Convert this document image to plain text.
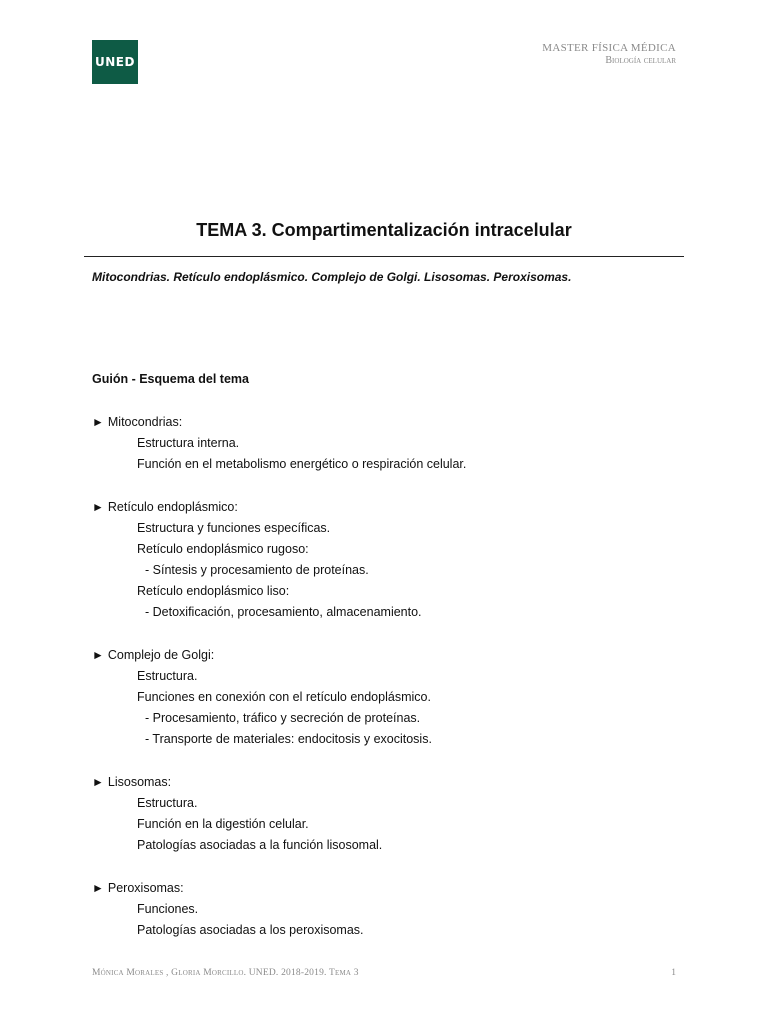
UNED
MASTER FÍSICA MÉDICA
Biología celular
TEMA 3. Compartimentalización intracelular
Mitocondrias. Retículo endoplásmico. Complejo de Golgi. Lisosomas. Peroxisomas.
Guión - Esquema del tema
► Mitocondrias:
Estructura interna.
Función en el metabolismo energético o respiración celular.
► Retículo endoplásmico:
Estructura y funciones específicas.
Retículo endoplásmico rugoso:
- Síntesis y procesamiento de proteínas.
Retículo endoplásmico liso:
- Detoxificación, procesamiento, almacenamiento.
► Complejo de Golgi:
Estructura.
Funciones en conexión con el retículo endoplásmico.
- Procesamiento, tráfico y secreción de proteínas.
- Transporte de materiales: endocitosis y exocitosis.
► Lisosomas:
Estructura.
Función en la digestión celular.
Patologías asociadas a la función lisosomal.
► Peroxisomas:
Funciones.
Patologías asociadas a los peroxisomas.
Mónica Morales , Gloria Morcillo. UNED. 2018-2019. Tema 3	1
